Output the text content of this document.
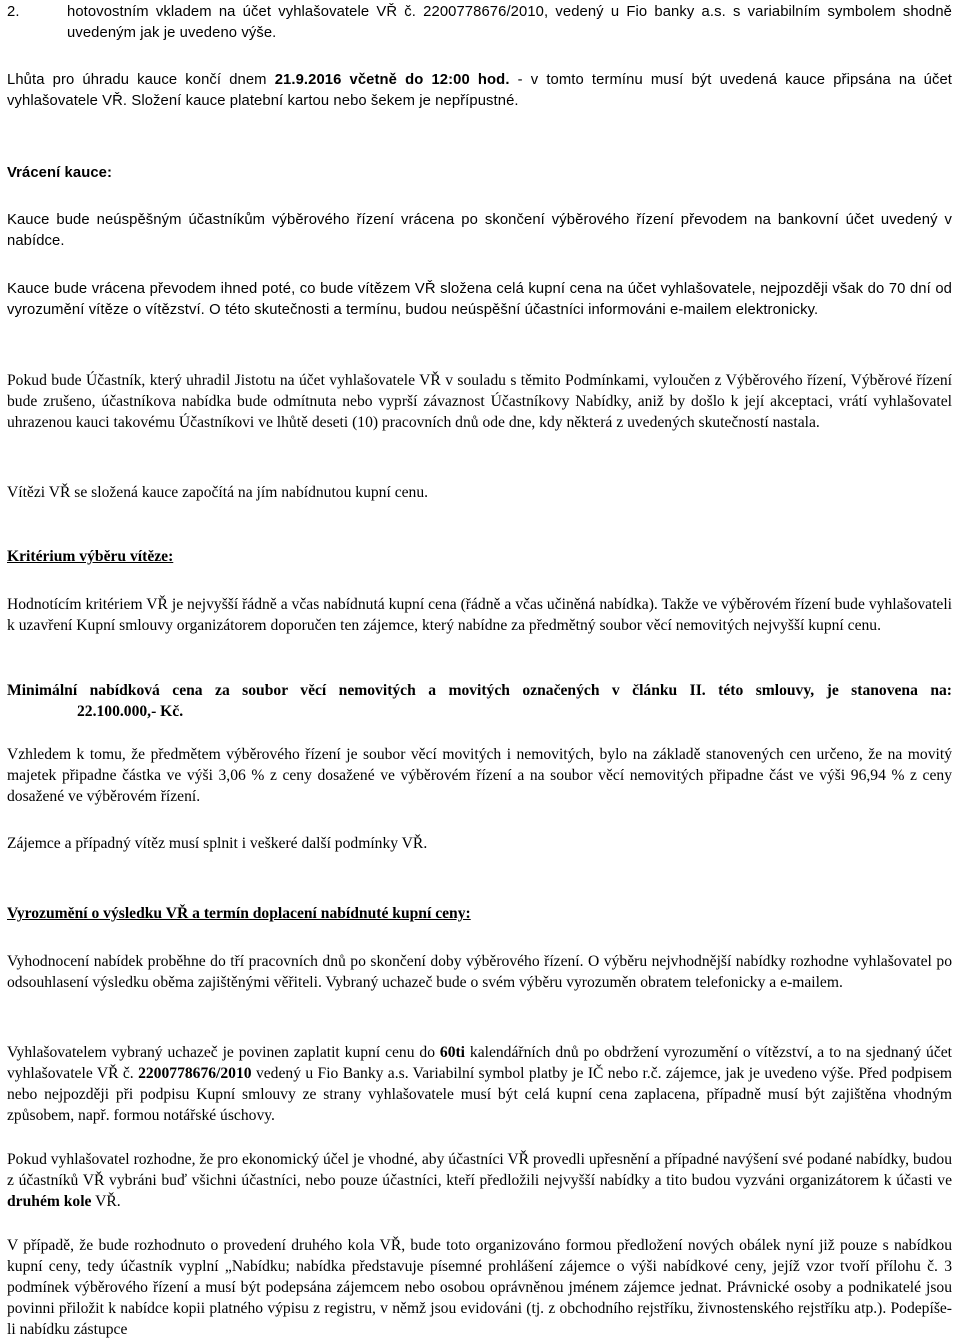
2.	hotovostním vkladem na účet vyhlašovatele VŘ č. 2200778676/2010, vedený u Fio banky a.s. s variabilním symbolem shodně uvedeným jak je uvedeno výše.

Lhůta pro úhradu kauce končí dnem 21.9.2016 včetně do 12:00 hod. - v tomto termínu musí být uvedená kauce připsána na účet vyhlašovatele VŘ. Složení kauce platební kartou nebo šekem je nepřípustné.

Vrácení kauce:

Kauce bude neúspěšným účastníkům výběrového řízení vrácena po skončení výběrového řízení převodem na bankovní účet uvedený v nabídce.

Kauce bude vrácena převodem ihned poté, co bude vítězem VŘ složena celá kupní cena na účet vyhlašovatele, nejpozději však do 70 dní od vyrozumění vítěze o vítězství. O této skutečnosti a termínu, budou neúspěšní účastníci informováni e-mailem elektronicky.

Pokud bude Účastník, který uhradil Jistotu na účet vyhlašovatele VŘ v souladu s těmito Podmínkami, vyloučen z Výběrového řízení, Výběrové řízení bude zrušeno, účastníkova nabídka bude odmítnuta nebo vyprší závaznost Účastníkovy Nabídky, aniž by došlo k její akceptaci, vrátí vyhlašovatel uhrazenou kauci takovému Účastníkovi ve lhůtě deseti (10) pracovních dnů ode dne, kdy některá z uvedených skutečností nastala.

Vítězi VŘ se složená kauce započítá na jím nabídnutou kupní cenu.

Kritérium výběru vítěze:

Hodnotícím kritériem VŘ je nejvyšší řádně a včas nabídnutá kupní cena (řádně a včas učiněná nabídka). Takže ve výběrovém řízení bude vyhlašovateli k uzavření Kupní smlouvy organizátorem doporučen ten zájemce, který nabídne za předmětný soubor věcí nemovitých nejvyšší kupní cenu.

Minimální nabídková cena za soubor věcí nemovitých a movitých označených v článku II. této smlouvy, je stanovena na:22.100.000,- Kč.

Vzhledem k tomu, že předmětem výběrového řízení je soubor věcí movitých i nemovitých, bylo na základě stanovených cen určeno, že na movitý majetek připadne částka ve výši 3,06 % z ceny dosažené ve výběrovém řízení a na soubor věcí nemovitých připadne část ve výši 96,94 % z ceny dosažené ve výběrovém řízení.

Zájemce a případný vítěz musí splnit i veškeré další podmínky VŘ.

Vyrozumění o výsledku VŘ a termín doplacení nabídnuté kupní ceny:

Vyhodnocení nabídek proběhne do tří pracovních dnů po skončení doby výběrového řízení. O výběru nejvhodnější nabídky rozhodne vyhlašovatel po odsouhlasení výsledku oběma zajištěnými věřiteli. Vybraný uchazeč bude o svém výběru vyrozuměn obratem telefonicky a e-mailem.

Vyhlašovatelem vybraný uchazeč je povinen zaplatit kupní cenu do 60ti kalendářních dnů po obdržení vyrozumění o vítězství, a to na sjednaný účet vyhlašovatele VŘ č. 2200778676/2010 vedený u Fio Banky a.s. Variabilní symbol platby je IČ nebo r.č. zájemce, jak je uvedeno výše. Před podpisem nebo nejpozději při podpisu Kupní smlouvy ze strany vyhlašovatele musí být celá kupní cena zaplacena, případně musí být zajištěna vhodným způsobem, např. formou notářské úschovy.

Pokud vyhlašovatel rozhodne, že pro ekonomický účel je vhodné, aby účastníci VŘ provedli upřesnění a případné navýšení své podané nabídky, budou z účastníků VŘ vybráni buď všichni účastníci, nebo pouze účastníci, kteří předložili nejvyšší nabídky a tito budou vyzváni organizátorem k účasti ve druhém kole VŘ.

V případě, že bude rozhodnuto o provedení druhého kola VŘ, bude toto organizováno formou předložení nových obálek nyní již pouze s nabídkou kupní ceny, tedy účastník vyplní „Nabídku; nabídka představuje písemné prohlášení zájemce o výši nabídkové ceny, jejíž vzor tvoří přílohu č. 3 podmínek výběrového řízení a musí být podepsána zájemcem nebo osobou oprávněnou jménem zájemce jednat. Právnické osoby a podnikatelé jsou povinni přiložit k nabídce kopii platného výpisu z registru, v němž jsou evidováni (tj. z obchodního rejstříku, živnostenského rejstříku atp.). Podepíše-li nabídku zástupce
